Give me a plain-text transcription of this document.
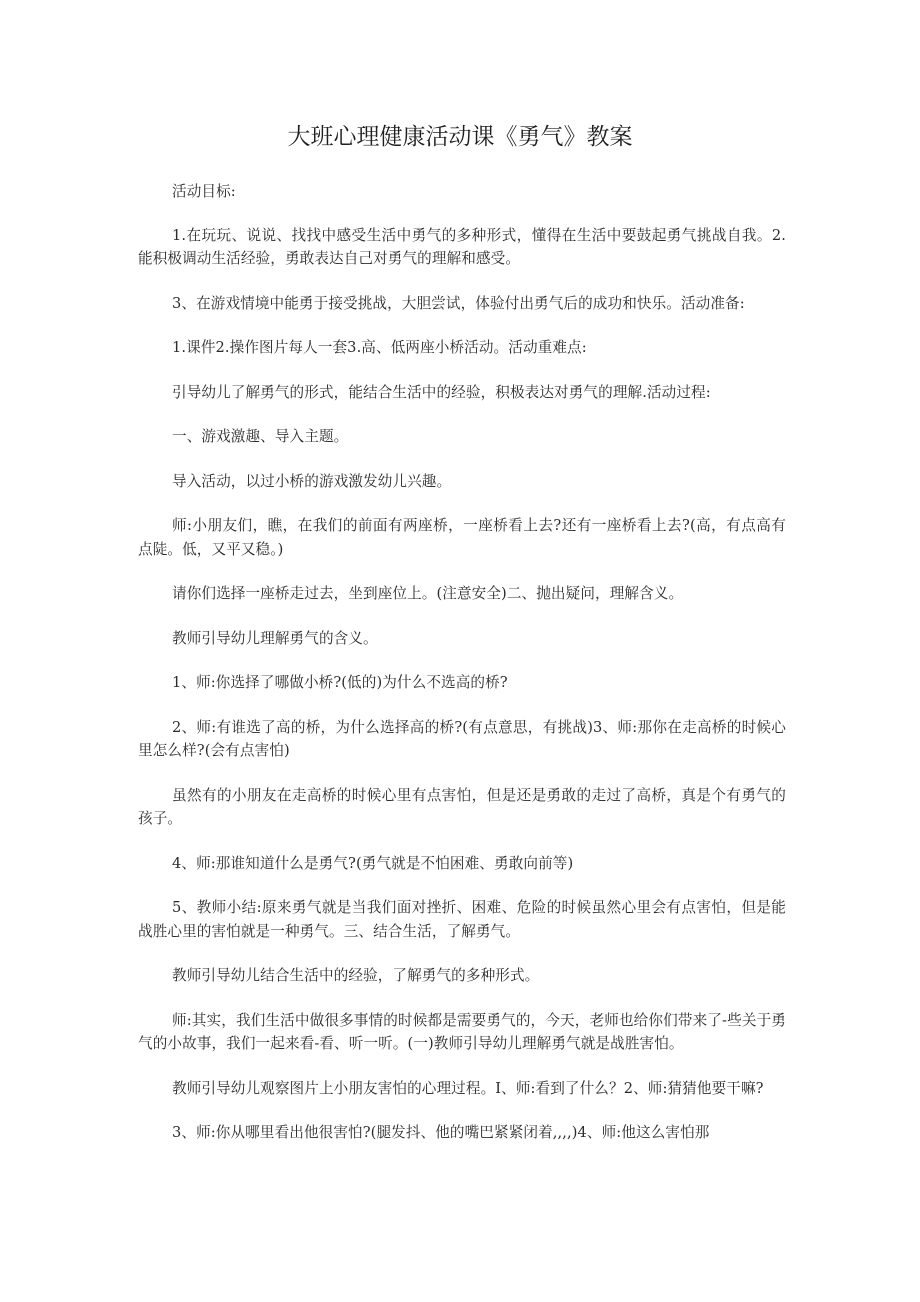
大班心理健康活动课《勇气》教案

活动目标:

1.在玩玩、说说、找找中感受生活中勇气的多种形式，懂得在生活中要鼓起勇气挑战自我。2.能积极调动生活经验，勇敢表达自己对勇气的理解和感受。

3、在游戏情境中能勇于接受挑战，大胆尝试，体验付出勇气后的成功和快乐。活动准备:

1.课件2.操作图片每人一套3.高、低两座小桥活动。活动重难点:

引导幼儿了解勇气的形式，能结合生活中的经验，积极表达对勇气的理解.活动过程:

一、游戏激趣、导入主题。

导入活动，以过小桥的游戏激发幼儿兴趣。

师:小朋友们，瞧，在我们的前面有两座桥，一座桥看上去?还有一座桥看上去?(高，有点高有点陡。低，又平又稳。)

请你们选择一座桥走过去，坐到座位上。(注意安全)二、抛出疑问，理解含义。

教师引导幼儿理解勇气的含义。

1、师:你选择了哪做小桥?(低的)为什么不选高的桥?

2、师:有谁选了高的桥，为什么选择高的桥?(有点意思，有挑战)3、师:那你在走高桥的时候心里怎么样?(会有点害怕)

虽然有的小朋友在走高桥的时候心里有点害怕，但是还是勇敢的走过了高桥，真是个有勇气的孩子。

4、师:那谁知道什么是勇气?(勇气就是不怕困难、勇敢向前等)

5、教师小结:原来勇气就是当我们面对挫折、困难、危险的时候虽然心里会有点害怕，但是能战胜心里的害怕就是一种勇气。三、结合生活，了解勇气。

教师引导幼儿结合生活中的经验，了解勇气的多种形式。

师:其实，我们生活中做很多事情的时候都是需要勇气的，今天，老师也给你们带来了-些关于勇气的小故事，我们一起来看-看、听一听。(一)教师引导幼儿理解勇气就是战胜害怕。

教师引导幼儿观察图片上小朋友害怕的心理过程。I、师:看到了什么？2、师:猜猜他要干嘛?

3、师:你从哪里看出他很害怕?(腿发抖、他的嘴巴紧紧闭着,,,,)4、师:他这么害怕那
